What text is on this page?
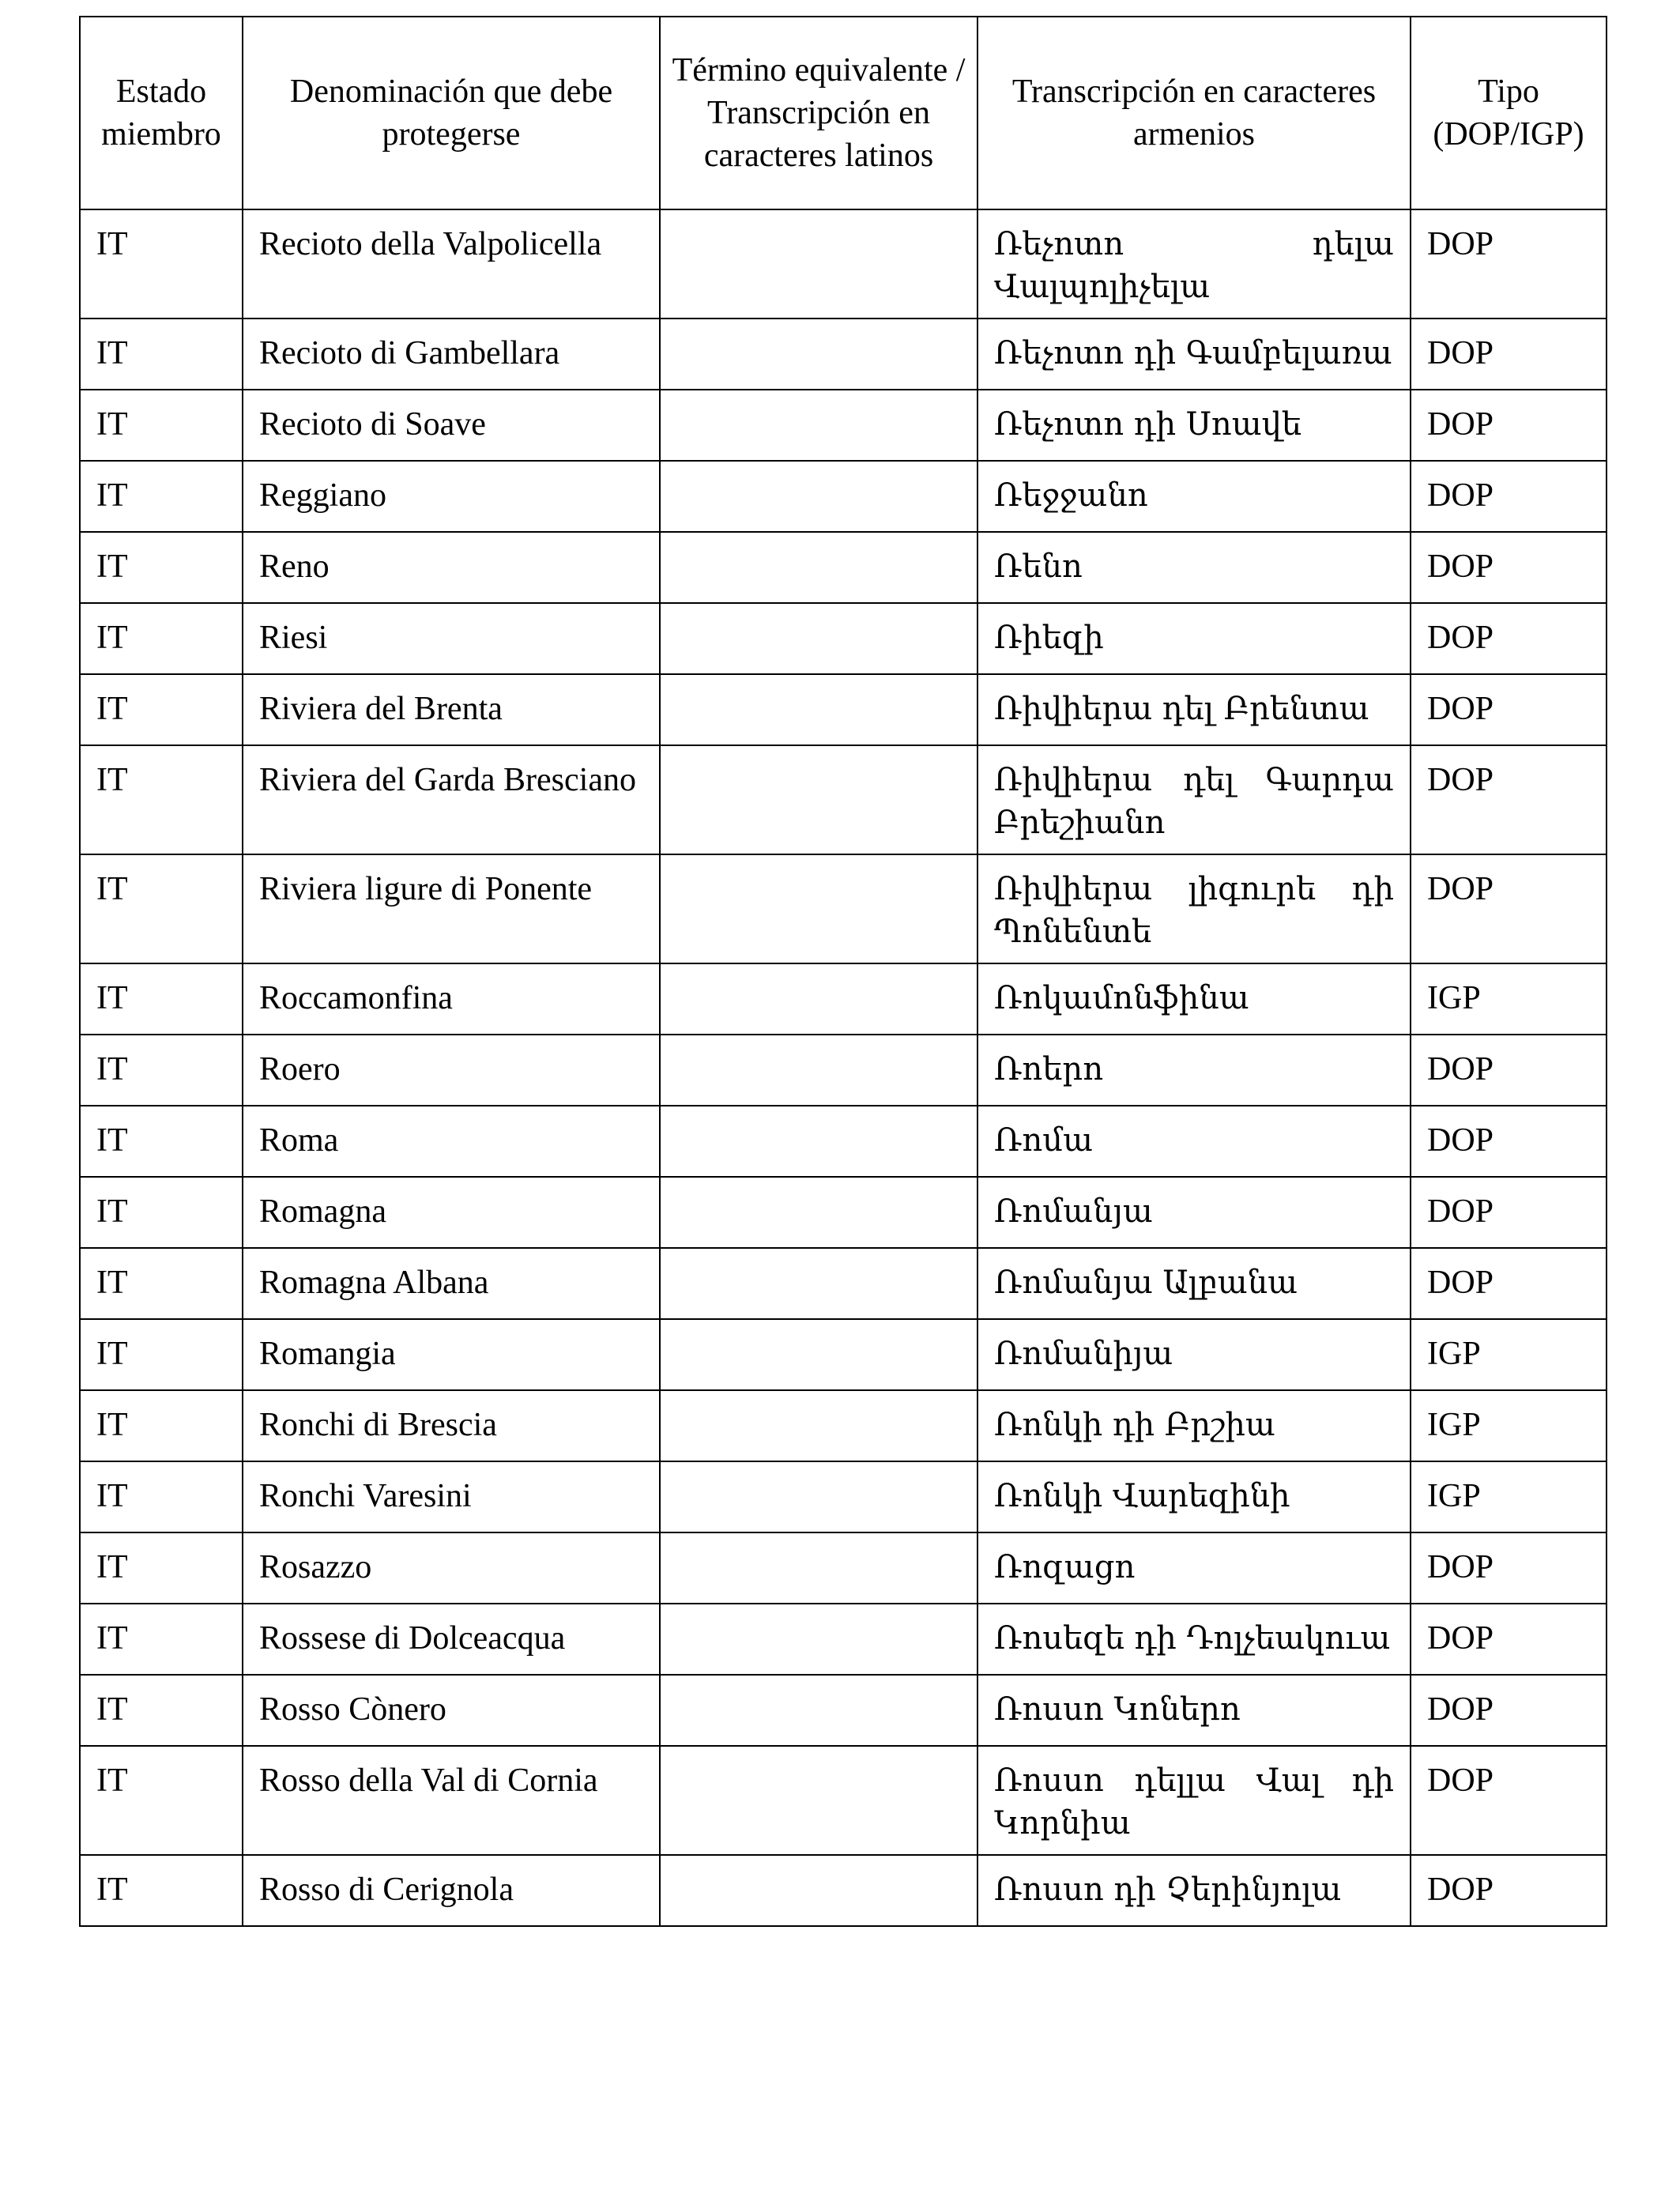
Estado miembro	Denominación que debe protegerse	Término equivalente / Transcripción en caracteres latinos	Transcripción en caracteres armenios	Tipo (DOP/IGP)
IT	Recioto della Valpolicella		Ռեչոտո դելա Վալպոլիչելա	DOP
IT	Recioto di Gambellara		Ռեչոտո դի Գամբելառա	DOP
IT	Recioto di Soave		Ռեչոտո դի Սոավե	DOP
IT	Reggiano		Ռեջջանո	DOP
IT	Reno		Ռենո	DOP
IT	Riesi		Ռիեզի	DOP
IT	Riviera del Brenta		Ռիվիերա դել Բրենտա	DOP
IT	Riviera del Garda Bresciano		Ռիվիերա դել Գարդա Բրեշիանո	DOP
IT	Riviera ligure di Ponente		Ռիվիերա լիգուրե դի Պոնենտե	DOP
IT	Roccamonfina		Ռոկամոնֆինա	IGP
IT	Roero		Ռոերո	DOP
IT	Roma		Ռոմա	DOP
IT	Romagna		Ռոմանյա	DOP
IT	Romagna Albana		Ռոմանյա Ալբանա	DOP
IT	Romangia		Ռոմանիյա	IGP
IT	Ronchi di Brescia		Ռոնկի դի Բրշիա	IGP
IT	Ronchi Varesini		Ռոնկի Վարեզինի	IGP
IT	Rosazzo		Ռոզացո	DOP
IT	Rossese di Dolceacqua		Ռոսեզե դի Դոլչեակուա	DOP
IT	Rosso Cònero		Ռոսսո Կոներո	DOP
IT	Rosso della Val di Cornia		Ռոսսո դելլա Վալ դի Կորնիա	DOP
IT	Rosso di Cerignola		Ռոսսո դի Չերինյոլա	DOP
